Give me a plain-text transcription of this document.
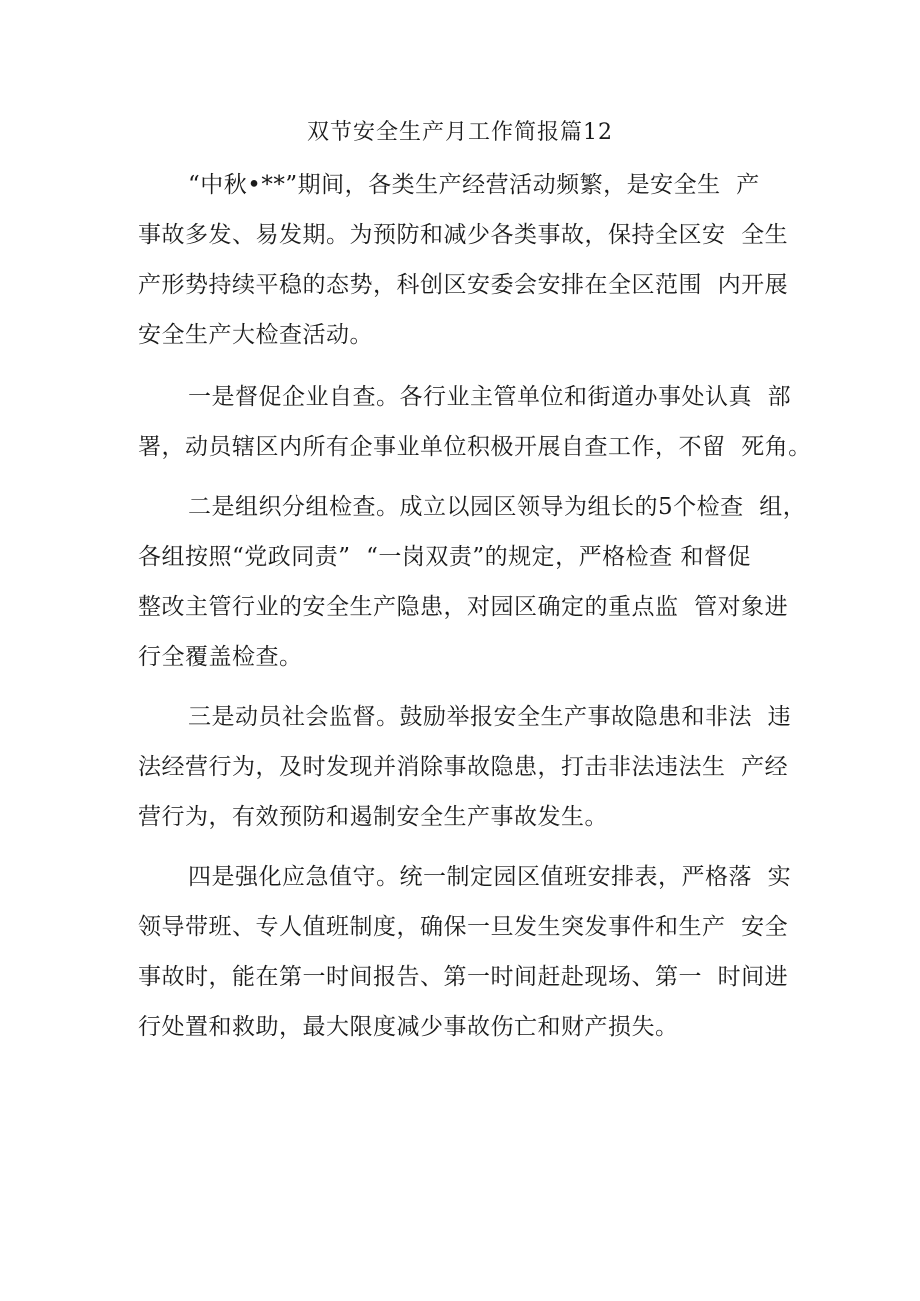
双节安全生产月工作简报篇12

“中秋•**”期间，各类生产经营活动频繁，是安全生  产
事故多发、易发期。为预防和减少各类事故，保持全区安  全生
产形势持续平稳的态势，科创区安委会安排在全区范围  内开展
安全生产大检查活动。

一是督促企业自查。各行业主管单位和街道办事处认真  部
署，动员辖区内所有企事业单位积极开展自查工作，不留  死角。

二是组织分组检查。成立以园区领导为组长的5个检查  组，
各组按照“党政同责”  “一岗双责”的规定，严格检查 和督促
整改主管行业的安全生产隐患，对园区确定的重点监  管对象进
行全覆盖检查。

三是动员社会监督。鼓励举报安全生产事故隐患和非法  违
法经营行为，及时发现并消除事故隐患，打击非法违法生  产经
营行为，有效预防和遏制安全生产事故发生。

四是强化应急值守。统一制定园区值班安排表，严格落  实
领导带班、专人值班制度，确保一旦发生突发事件和生产  安全
事故时，能在第一时间报告、第一时间赶赴现场、第一  时间进
行处置和救助，最大限度减少事故伤亡和财产损失。
